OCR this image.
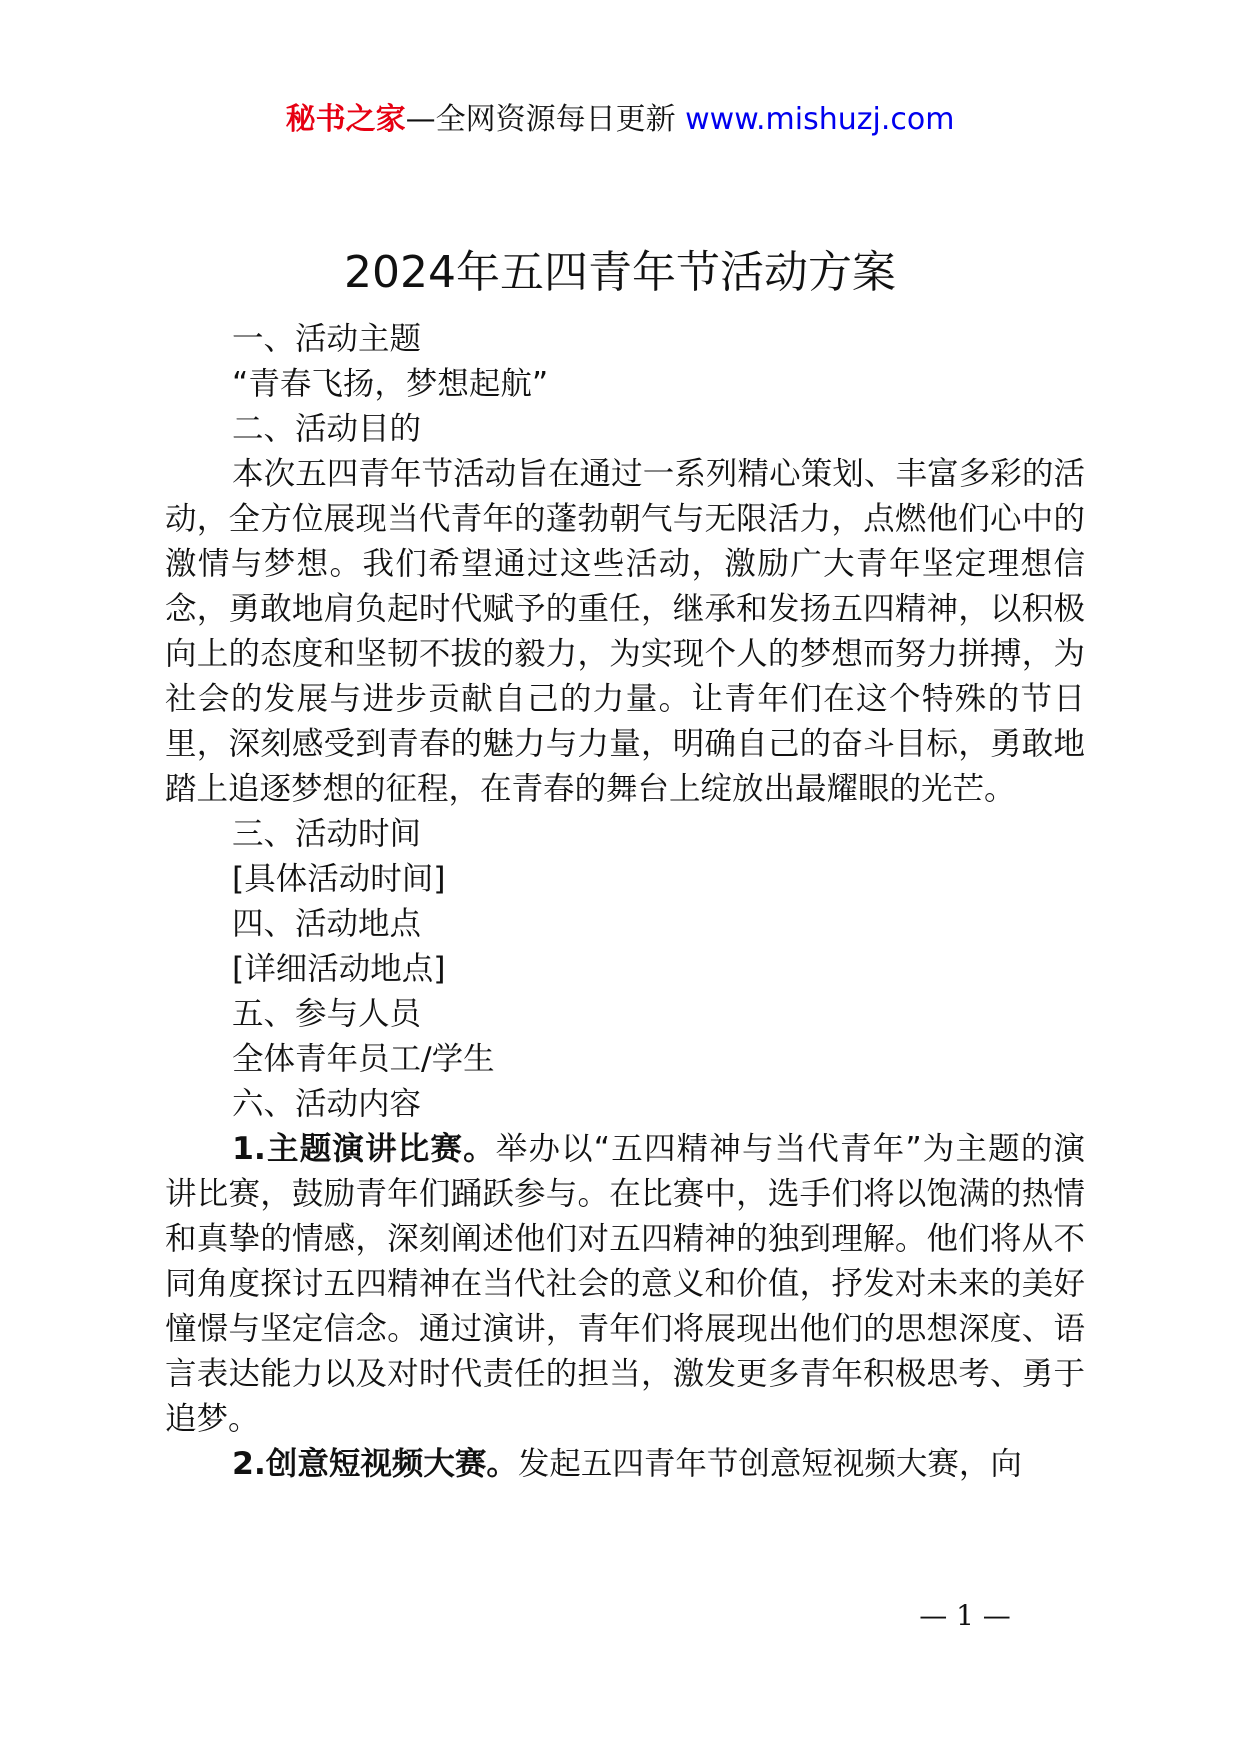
秘书之家—全网资源每日更新 www.mishuzj.com
2024年五四青年节活动方案

一、活动主题

“青春飞扬，梦想起航”

二、活动目的

本次五四青年节活动旨在通过一系列精心策划、丰富多彩的活动，全方位展现当代青年的蓬勃朝气与无限活力，点燃他们心中的激情与梦想。我们希望通过这些活动，激励广大青年坚定理想信念，勇敢地肩负起时代赋予的重任，继承和发扬五四精神，以积极向上的态度和坚韧不拔的毅力，为实现个人的梦想而努力拼搏，为社会的发展与进步贡献自己的力量。让青年们在这个特殊的节日里，深刻感受到青春的魅力与力量，明确自己的奋斗目标，勇敢地踏上追逐梦想的征程，在青春的舞台上绽放出最耀眼的光芒。

三、活动时间

[具体活动时间]

四、活动地点

[详细活动地点]

五、参与人员

全体青年员工/学生

六、活动内容

1.主题演讲比赛。举办以“五四精神与当代青年”为主题的演讲比赛，鼓励青年们踊跃参与。在比赛中，选手们将以饱满的热情和真挚的情感，深刻阐述他们对五四精神的独到理解。他们将从不同角度探讨五四精神在当代社会的意义和价值，抒发对未来的美好憧憬与坚定信念。通过演讲，青年们将展现出他们的思想深度、语言表达能力以及对时代责任的担当，激发更多青年积极思考、勇于追梦。

2.创意短视频大赛。发起五四青年节创意短视频大赛，向

— 1 —
